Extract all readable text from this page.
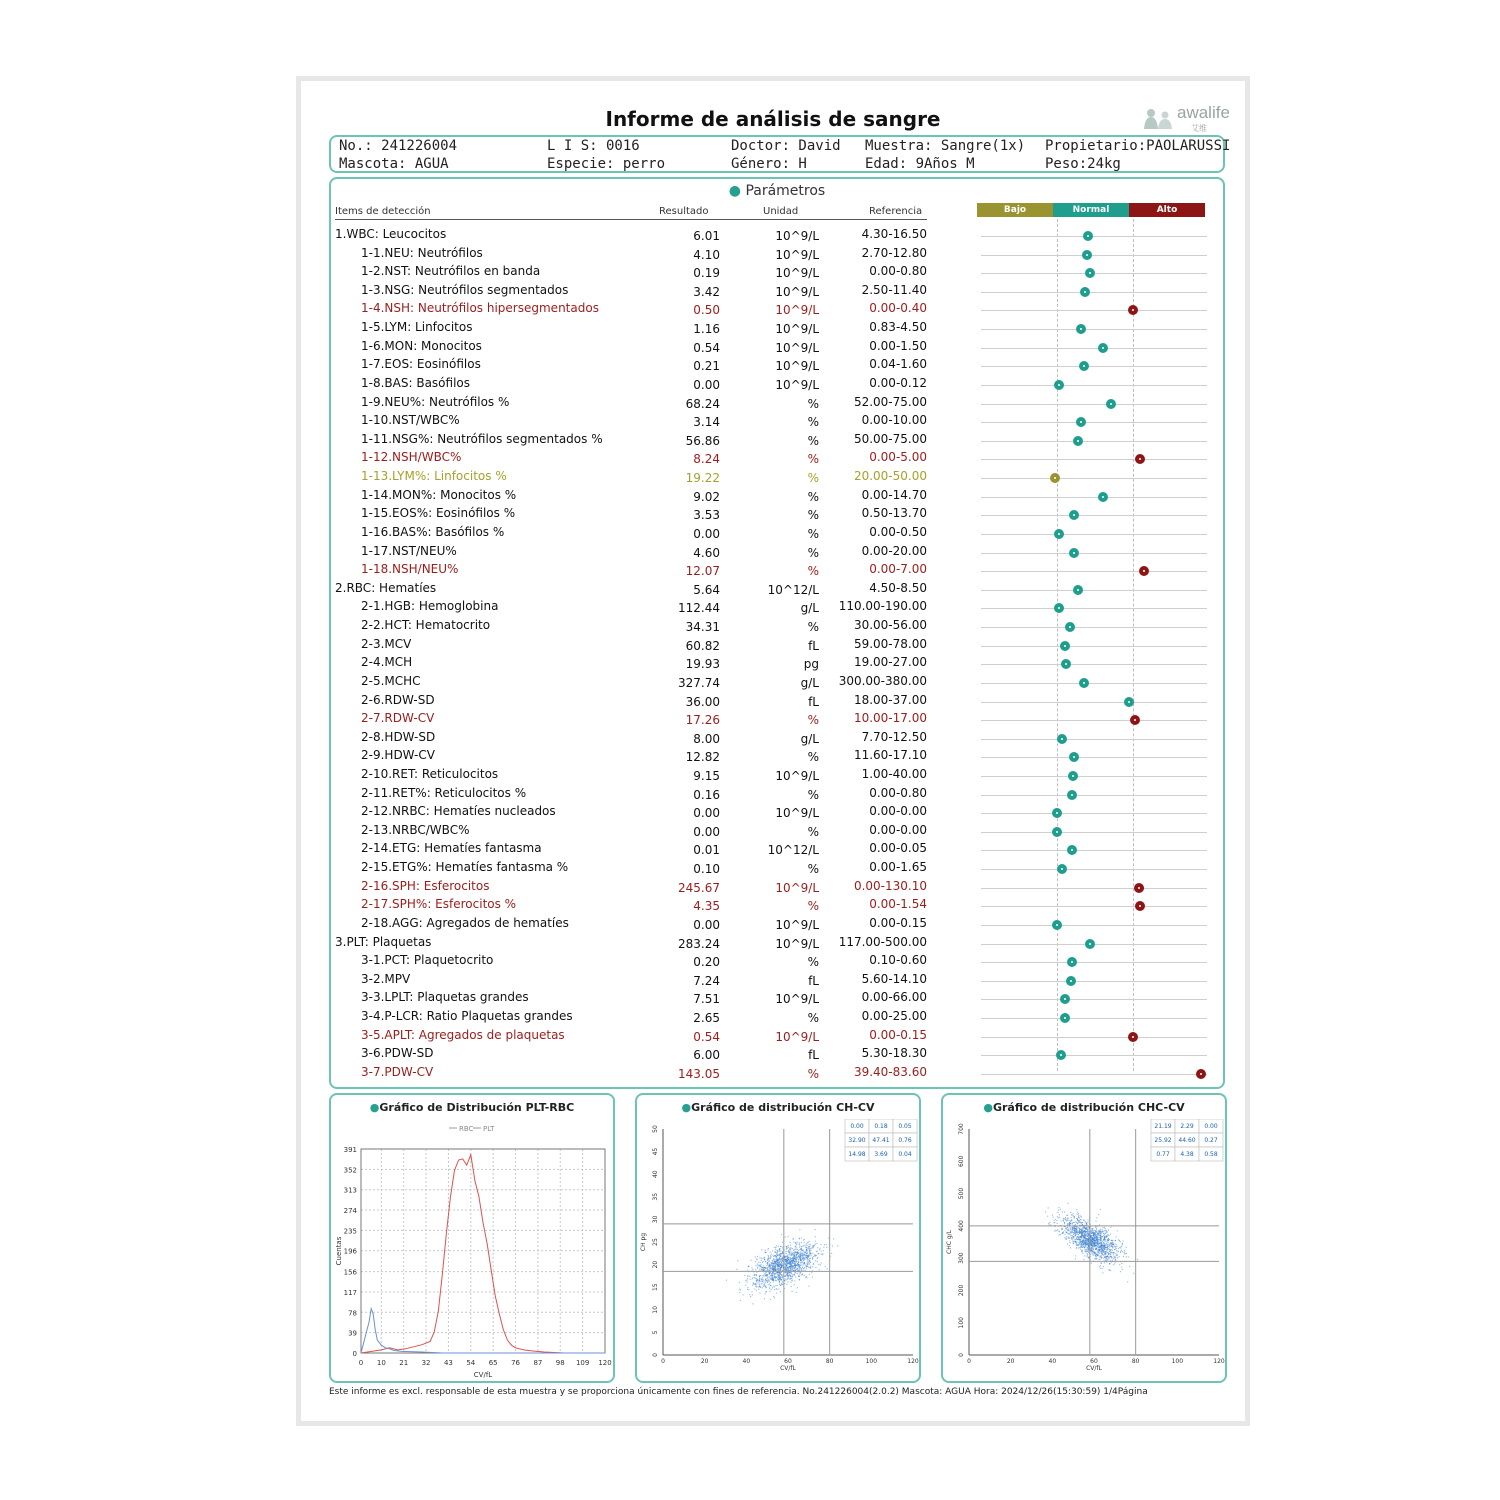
Informe de análisis de sangre	awalife
艾维
No.: 241226004	L I S: 0016	Doctor: David Muestra: Sangre(1x) Propietario:PAOLARUSSI
Mascota: AGUA	Especie: perro	Género: H	Edad: 9Años M	Peso:24kg
● Parámetros
Items de detección	Resultado	Unidad	Referencia	Bajo	Normal	Alto
1.WBC: Leucocitos	6.01	10^9/L	4.30-16.50
1-1.NEU: Neutrófilos	4.10	10^9/L	2.70-12.80
1-2.NST: Neutrófilos en banda	0.19	10^9/L	0.00-0.80
1-3.NSG: Neutrófilos segmentados	3.42	10^9/L	2.50-11.40
1-4.NSH: Neutrófilos hipersegmentados	0.50	10^9/L	0.00-0.40
1-5.LYM: Linfocitos	1.16	10^9/L	0.83-4.50
1-6.MON: Monocitos	0.54	10^9/L	0.00-1.50
1-7.EOS: Eosinófilos	0.21	10^9/L	0.04-1.60
1-8.BAS: Basófilos	0.00	10^9/L	0.00-0.12
1-9.NEU%: Neutrófilos %	68.24	%	52.00-75.00
1-10.NST/WBC%	3.14	%	0.00-10.00
1-11.NSG%: Neutrófilos segmentados %	56.86	%	50.00-75.00
1-12.NSH/WBC%	8.24	%	0.00-5.00
1-13.LYM%: Linfocitos %	19.22	%	20.00-50.00
1-14.MON%: Monocitos %	9.02	%	0.00-14.70
1-15.EOS%: Eosinófilos %	3.53	%	0.50-13.70
1-16.BAS%: Basófilos %	0.00	%	0.00-0.50
1-17.NST/NEU%	4.60	%	0.00-20.00
1-18.NSH/NEU%	12.07	%	0.00-7.00
2.RBC: Hematíes	5.64	10^12/L	4.50-8.50
2-1.HGB: Hemoglobina	112.44	g/L	110.00-190.00
2-2.HCT: Hematocrito	34.31	%	30.00-56.00
2-3.MCV	60.82	fL	59.00-78.00
2-4.MCH	19.93	pg	19.00-27.00
2-5.MCHC	327.74	g/L	300.00-380.00
2-6.RDW-SD	36.00	fL	18.00-37.00
2-7.RDW-CV	17.26	%	10.00-17.00
2-8.HDW-SD	8.00	g/L	7.70-12.50
2-9.HDW-CV	12.82	%	11.60-17.10
2-10.RET: Reticulocitos	9.15	10^9/L	1.00-40.00
2-11.RET%: Reticulocitos %	0.16	%	0.00-0.80
2-12.NRBC: Hematíes nucleados	0.00	10^9/L	0.00-0.00
2-13.NRBC/WBC%	0.00	%	0.00-0.00
2-14.ETG: Hematíes fantasma	0.01	10^12/L	0.00-0.05
2-15.ETG%: Hematíes fantasma %	0.10	%	0.00-1.65
2-16.SPH: Esferocitos	245.67	10^9/L	0.00-130.10
2-17.SPH%: Esferocitos %	4.35	%	0.00-1.54
2-18.AGG: Agregados de hematíes	0.00	10^9/L	0.00-0.15
3.PLT: Plaquetas	283.24	10^9/L	117.00-500.00
3-1.PCT: Plaquetocrito	0.20	%	0.10-0.60
3-2.MPV	7.24	fL	5.60-14.10
3-3.LPLT: Plaquetas grandes	7.51	10^9/L	0.00-66.00
3-4.P-LCR: Ratio Plaquetas grandes	2.65	%	0.00-25.00
3-5.APLT: Agregados de plaquetas	0.54	10^9/L	0.00-0.15
3-6.PDW-SD	6.00	fL	5.30-18.30
3-7.PDW-CV	143.05	%	39.40-83.60
●Gráfico de Distribución PLT-RBC
RBC PLT
0
39
78
117
156
196
235
274
313
352
391
0 10 21 32 43 54 65 76 87 98 109 120
CV/fL
Cuentas
●Gráfico de distribución CH-CV
0
5
10
15
20
25
30
35
40
45
50
0	20	40	60	80	100	120
CV/fL
CH pg
0.00 0.18 0.05
32.90 47.41 0.76
14.98 3.69 0.04
●Gráfico de distribución CHC-CV
0
100
200
300
400
500
600
700
0	20	40	60	80	100	120
CV/fL
CHC g/L
21.19 2.29 0.00
25.92 44.60 0.27
0.77 4.38 0.58
Este informe es excl. responsable de esta muestra y se proporciona únicamente con fines de referencia. No.241226004(2.0.2) Mascota: AGUA Hora: 2024/12/26(15:30:59) 1/4Página
